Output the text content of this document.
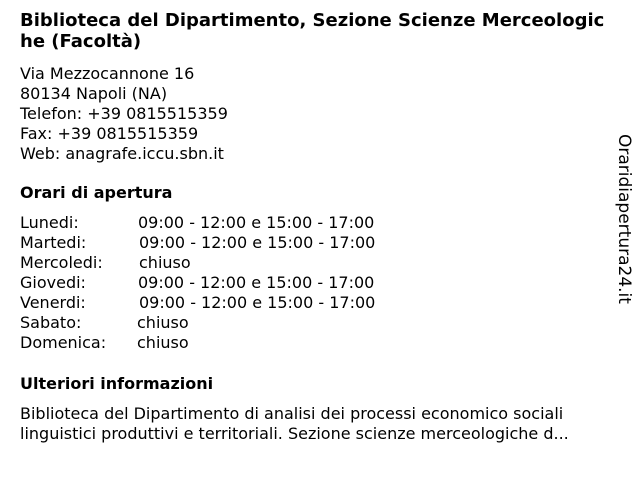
Biblioteca del Dipartimento, Sezione Scienze Merceologiche (Facoltà)
Via Mezzocannone 16
80134 Napoli (NA)
Telefon: +39 0815515359
Fax: +39 0815515359
Web: anagrafe.iccu.sbn.it
Orari di apertura
Lunedi:	09:00 - 12:00 e 15:00 - 17:00
Martedi:	09:00 - 12:00 e 15:00 - 17:00
Mercoledi: chiuso
Giovedi:	09:00 - 12:00 e 15:00 - 17:00
Venerdi:	09:00 - 12:00 e 15:00 - 17:00
Sabato:	chiuso
Domenica: chiuso
Ulteriori informazioni
Biblioteca del Dipartimento di analisi dei processi economico sociali
linguistici produttivi e territoriali. Sezione scienze merceologiche d...
Oraridiapertura24.it
